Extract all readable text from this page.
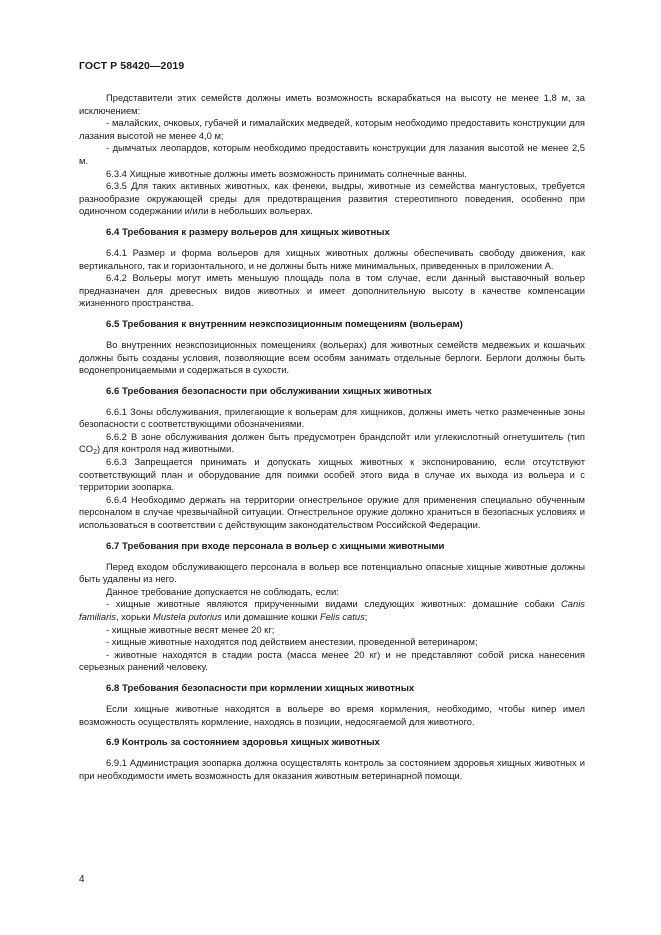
ГОСТ Р 58420—2019

Представители этих семейств должны иметь возможность вскарабкаться на высоту не менее 1,8 м, за исключением:

- малайских, очковых, губачей и гималайских медведей, которым необходимо предоставить конструкции для лазания высотой не менее 4,0 м;

- дымчатых леопардов, которым необходимо предоставить конструкции для лазания высотой не менее 2,5 м.

6.3.4 Хищные животные должны иметь возможность принимать солнечные ванны.

6.3.5 Для таких активных животных, как фенеки, выдры, животные из семейства мангустовых, требуется разнообразие окружающей среды для предотвращения развития стереотипного поведения, особенно при одиночном содержании и/или в небольших вольерах.

6.4 Требования к размеру вольеров для хищных животных

6.4.1 Размер и форма вольеров для хищных животных должны обеспечивать свободу движения, как вертикального, так и горизонтального, и не должны быть ниже минимальных, приведенных в приложении А.

6.4.2 Вольеры могут иметь меньшую площадь пола в том случае, если данный выставочный вольер предназначен для древесных видов животных и имеет дополнительную высоту в качестве компенсации жизненного пространства.

6.5 Требования к внутренним неэкспозиционным помещениям (вольерам)

Во внутренних неэкспозиционных помещениях (вольерах) для животных семейств медвежьих и кошачьих должны быть созданы условия, позволяющие всем особям занимать отдельные берлоги. Берлоги должны быть водонепроницаемыми и содержаться в сухости.

6.6 Требования безопасности при обслуживании хищных животных

6.6.1 Зоны обслуживания, прилегающие к вольерам для хищников, должны иметь четко размеченные зоны безопасности с соответствующими обозначениями.

6.6.2 В зоне обслуживания должен быть предусмотрен брандспойт или углекислотный огнетушитель (тип $CO_2$) для контроля над животными.

6.6.3 Запрещается принимать и допускать хищных животных к экспонированию, если отсутствуют соответствующий план и оборудование для поимки особей этого вида в случае их выхода из вольера и с территории зоопарка.

6.6.4 Необходимо держать на территории огнестрельное оружие для применения специально обученным персоналом в случае чрезвычайной ситуации. Огнестрельное оружие должно храниться в безопасных условиях и использоваться в соответствии с действующим законодательством Российской Федерации.

6.7 Требования при входе персонала в вольер с хищными животными

Перед входом обслуживающего персонала в вольер все потенциально опасные хищные животные должны быть удалены из него.

Данное требование допускается не соблюдать, если:

- хищные животные являются прирученными видами следующих животных: домашние собаки Canis familiaris, хорьки Mustela putorius или домашние кошки Felis catus;

- хищные животные весят менее 20 кг;

- хищные животные находятся под действием анестезии, проведенной ветеринаром;

- животные находятся в стадии роста (масса менее 20 кг) и не представляют собой риска нанесения серьезных ранений человеку.

6.8 Требования безопасности при кормлении хищных животных

Если хищные животные находятся в вольере во время кормления, необходимо, чтобы кипер имел возможность осуществлять кормление, находясь в позиции, недосягаемой для животного.

6.9 Контроль за состоянием здоровья хищных животных

6.9.1 Администрация зоопарка должна осуществлять контроль за состоянием здоровья хищных животных и при необходимости иметь возможность для оказания животным ветеринарной помощи.

4
